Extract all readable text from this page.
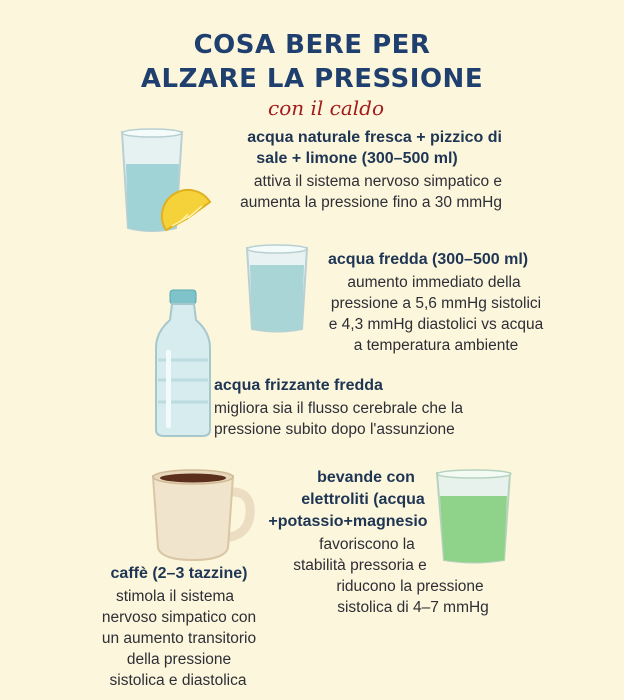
COSA BERE PER
ALZARE LA PRESSIONE
con il caldo
acqua naturale fresca + pizzico di
sale + limone (300–500 ml)
attiva il sistema nervoso simpatico e
aumenta la pressione fino a 30 mmHg
acqua fredda (300–500 ml)
aumento immediato della
pressione a 5,6 mmHg sistolici
e 4,3 mmHg diastolici vs acqua
a temperatura ambiente
acqua frizzante fredda
migliora sia il flusso cerebrale che la
pressione subito dopo l'assunzione
bevande con
elettroliti (acqua
+potassio+magnesio
favoriscono la
stabilità pressoria e
riducono la pressione
sistolica di 4–7 mmHg
caffè (2–3 tazzine)
stimola il sistema
nervoso simpatico con
un aumento transitorio
della pressione
sistolica e diastolica
